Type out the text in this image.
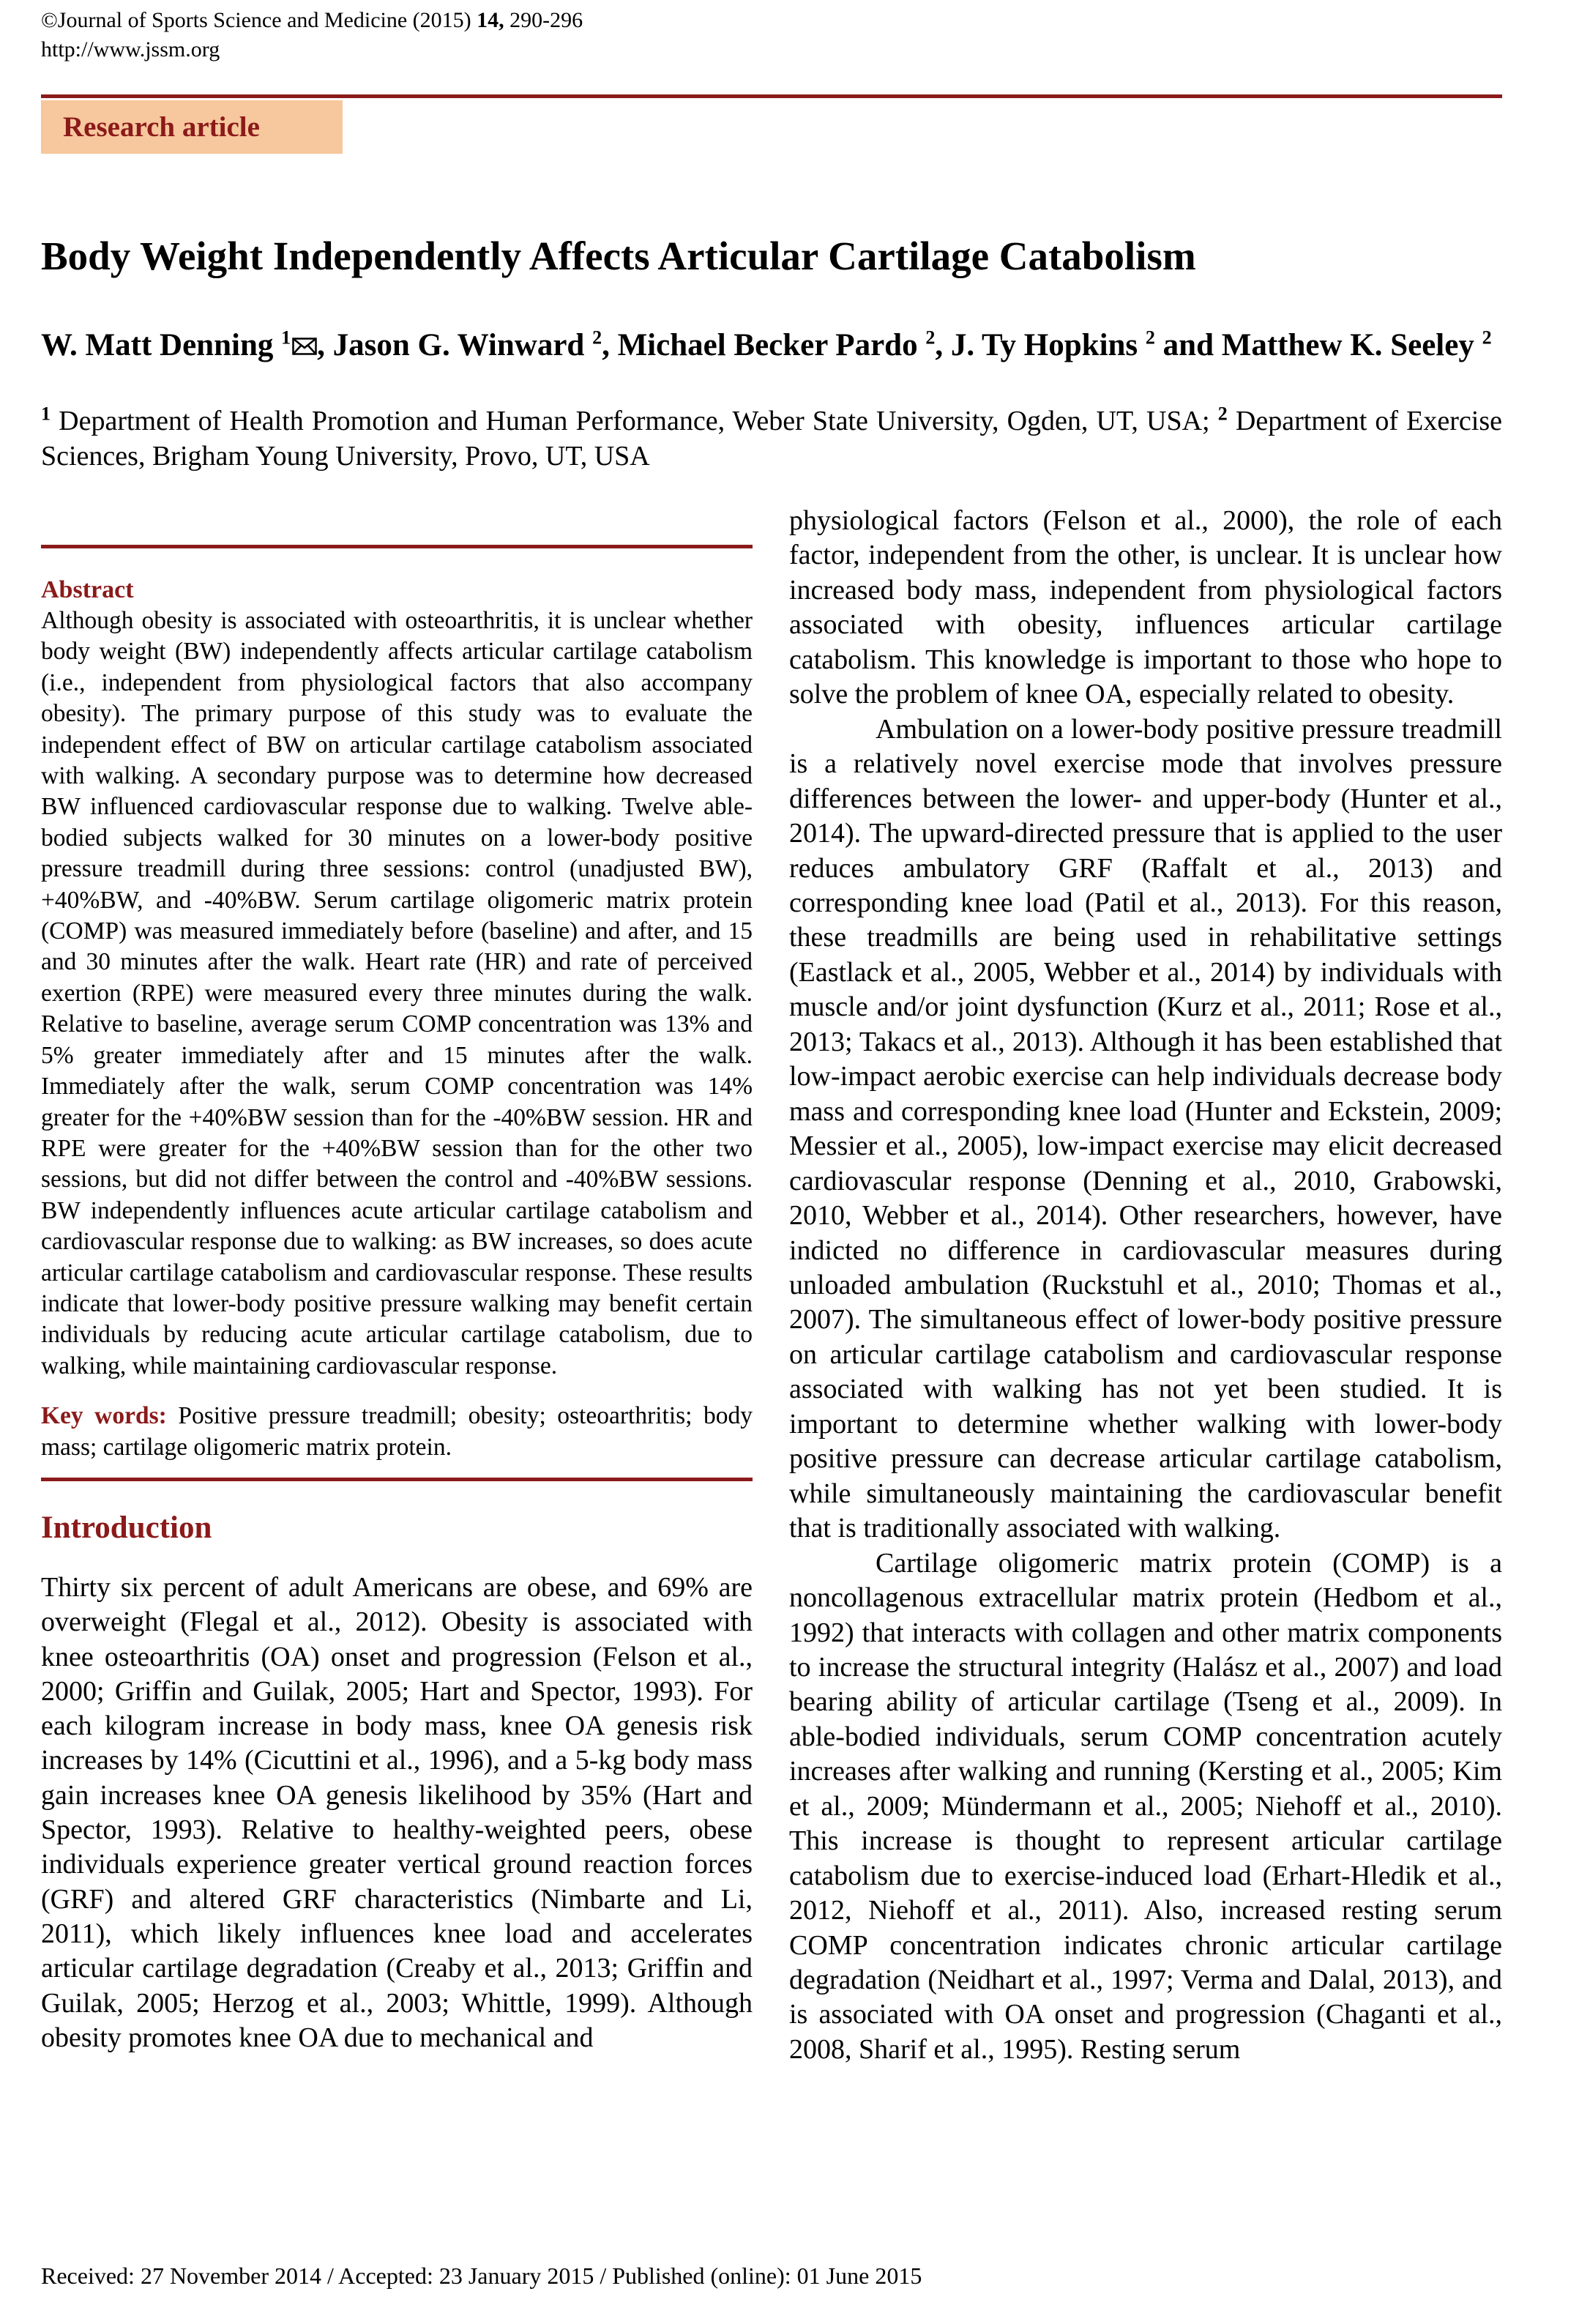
©Journal of Sports Science and Medicine (2015) 14, 290-296
http://www.jssm.org
Research article
Body Weight Independently Affects Articular Cartilage Catabolism
W. Matt Denning $^1$ , Jason G. Winward $^2$, Michael Becker Pardo $^2$, J. Ty Hopkins $^2$ and Matthew K. Seeley $^2$
$^1$ Department of Health Promotion and Human Performance, Weber State University, Ogden, UT, USA; $^2$ Department of Exercise Sciences, Brigham Young University, Provo, UT, USA
Abstract
Although obesity is associated with osteoarthritis, it is unclear whether body weight (BW) independently affects articular cartilage catabolism (i.e., independent from physiological factors that also accompany obesity). The primary purpose of this study was to evaluate the independent effect of BW on articular cartilage catabolism associated with walking. A secondary purpose was to determine how decreased BW influenced cardiovascular response due to walking. Twelve able-bodied subjects walked for 30 minutes on a lower-body positive pressure treadmill during three sessions: control (unadjusted BW), +40%BW, and -40%BW. Serum cartilage oligomeric matrix protein (COMP) was measured immediately before (baseline) and after, and 15 and 30 minutes after the walk. Heart rate (HR) and rate of perceived exertion (RPE) were measured every three minutes during the walk. Relative to baseline, average serum COMP concentration was 13% and 5% greater immediately after and 15 minutes after the walk. Immediately after the walk, serum COMP concentration was 14% greater for the +40%BW session than for the -40%BW session. HR and RPE were greater for the +40%BW session than for the other two sessions, but did not differ between the control and -40%BW sessions. BW independently influences acute articular cartilage catabolism and cardiovascular response due to walking: as BW increases, so does acute articular cartilage catabolism and cardiovascular response. These results indicate that lower-body positive pressure walking may benefit certain individuals by reducing acute articular cartilage catabolism, due to walking, while maintaining cardiovascular response.
Key words: Positive pressure treadmill; obesity; osteoarthritis; body mass; cartilage oligomeric matrix protein.
Introduction
Thirty six percent of adult Americans are obese, and 69% are overweight (Flegal et al., 2012). Obesity is associated with knee osteoarthritis (OA) onset and progression (Felson et al., 2000; Griffin and Guilak, 2005; Hart and Spector, 1993). For each kilogram increase in body mass, knee OA genesis risk increases by 14% (Cicuttini et al., 1996), and a 5-kg body mass gain increases knee OA genesis likelihood by 35% (Hart and Spector, 1993). Relative to healthy-weighted peers, obese individuals experience greater vertical ground reaction forces (GRF) and altered GRF characteristics (Nimbarte and Li, 2011), which likely influences knee load and accelerates articular cartilage degradation (Creaby et al., 2013; Griffin and Guilak, 2005; Herzog et al., 2003; Whittle, 1999). Although obesity promotes knee OA due to mechanical and

physiological factors (Felson et al., 2000), the role of each factor, independent from the other, is unclear. It is unclear how increased body mass, independent from physiological factors associated with obesity, influences articular cartilage catabolism. This knowledge is important to those who hope to solve the problem of knee OA, especially related to obesity.

Ambulation on a lower-body positive pressure treadmill is a relatively novel exercise mode that involves pressure differences between the lower- and upper-body (Hunter et al., 2014). The upward-directed pressure that is applied to the user reduces ambulatory GRF (Raffalt et al., 2013) and corresponding knee load (Patil et al., 2013). For this reason, these treadmills are being used in rehabilitative settings (Eastlack et al., 2005, Webber et al., 2014) by individuals with muscle and/or joint dysfunction (Kurz et al., 2011; Rose et al., 2013; Takacs et al., 2013). Although it has been established that low-impact aerobic exercise can help individuals decrease body mass and corresponding knee load (Hunter and Eckstein, 2009; Messier et al., 2005), low-impact exercise may elicit decreased cardiovascular response (Denning et al., 2010, Grabowski, 2010, Webber et al., 2014). Other researchers, however, have indicted no difference in cardiovascular measures during unloaded ambulation (Ruckstuhl et al., 2010; Thomas et al., 2007). The simultaneous effect of lower-body positive pressure on articular cartilage catabolism and cardiovascular response associated with walking has not yet been studied. It is important to determine whether walking with lower-body positive pressure can decrease articular cartilage catabolism, while simultaneously maintaining the cardiovascular benefit that is traditionally associated with walking.

Cartilage oligomeric matrix protein (COMP) is a noncollagenous extracellular matrix protein (Hedbom et al., 1992) that interacts with collagen and other matrix components to increase the structural integrity (Halász et al., 2007) and load bearing ability of articular cartilage (Tseng et al., 2009). In able-bodied individuals, serum COMP concentration acutely increases after walking and running (Kersting et al., 2005; Kim et al., 2009; Mündermann et al., 2005; Niehoff et al., 2010). This increase is thought to represent articular cartilage catabolism due to exercise-induced load (Erhart-Hledik et al., 2012, Niehoff et al., 2011). Also, increased resting serum COMP concentration indicates chronic articular cartilage degradation (Neidhart et al., 1997; Verma and Dalal, 2013), and is associated with OA onset and progression (Chaganti et al., 2008, Sharif et al., 1995). Resting serum

Received: 27 November 2014 / Accepted: 23 January 2015 / Published (online): 01 June 2015
